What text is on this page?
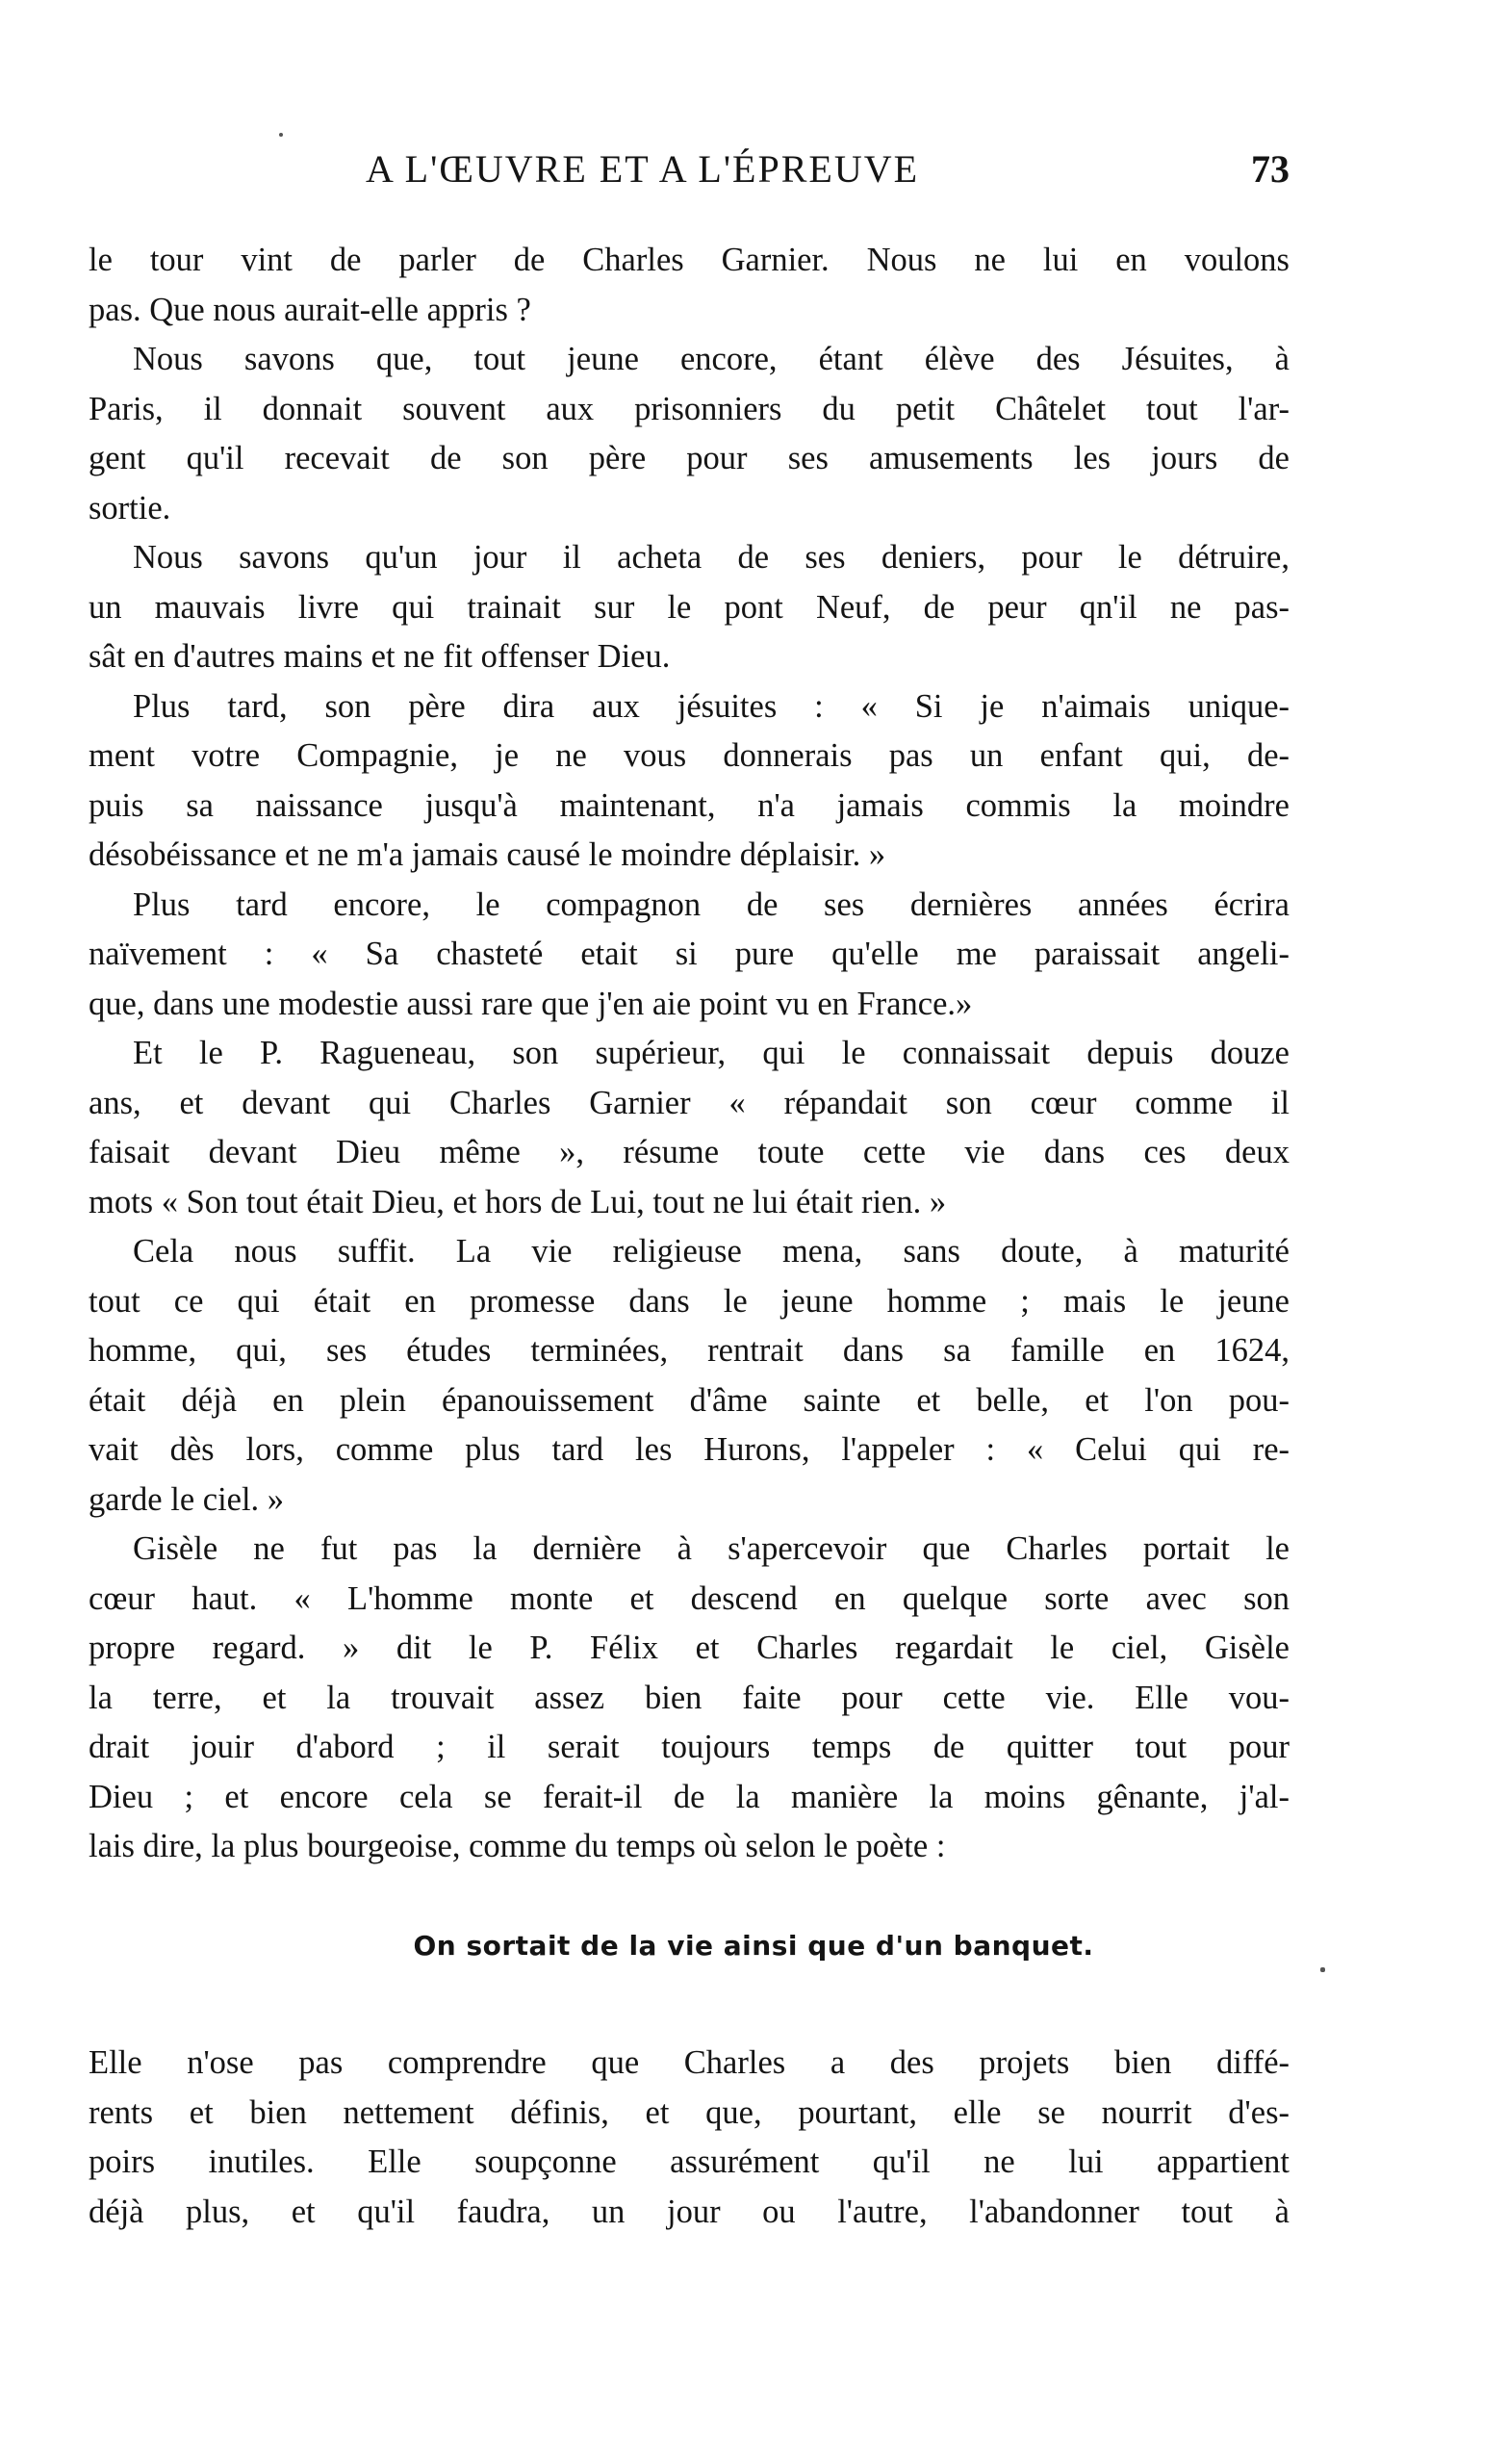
A L'ŒUVRE ET A L'ÉPREUVE	73
le tour vint de parler de Charles Garnier. Nous ne lui en voulons
pas. Que nous aurait-elle appris ?
Nous savons que, tout jeune encore, étant élève des Jésuites, à
Paris, il donnait souvent aux prisonniers du petit Châtelet tout l'ar-
gent qu'il recevait de son père pour ses amusements les jours de
sortie.
Nous savons qu'un jour il acheta de ses deniers, pour le détruire,
un mauvais livre qui trainait sur le pont Neuf, de peur qn'il ne pas-
sât en d'autres mains et ne fit offenser Dieu.
Plus tard, son père dira aux jésuites : « Si je n'aimais unique-
ment votre Compagnie, je ne vous donnerais pas un enfant qui, de-
puis sa naissance jusqu'à maintenant, n'a jamais commis la moindre
désobéissance et ne m'a jamais causé le moindre déplaisir. »
Plus tard encore, le compagnon de ses dernières années écrira
naïvement : « Sa chasteté etait si pure qu'elle me paraissait angeli-
que, dans une modestie aussi rare que j'en aie point vu en France.»
Et le P. Ragueneau, son supérieur, qui le connaissait depuis douze
ans, et devant qui Charles Garnier « répandait son cœur comme il
faisait devant Dieu même », résume toute cette vie dans ces deux
mots « Son tout était Dieu, et hors de Lui, tout ne lui était rien. »
Cela nous suffit. La vie religieuse mena, sans doute, à maturité
tout ce qui était en promesse dans le jeune homme ; mais le jeune
homme, qui, ses études terminées, rentrait dans sa famille en 1624,
était déjà en plein épanouissement d'âme sainte et belle, et l'on pou-
vait dès lors, comme plus tard les Hurons, l'appeler : « Celui qui re-
garde le ciel. »
Gisèle ne fut pas la dernière à s'apercevoir que Charles portait le
cœur haut. « L'homme monte et descend en quelque sorte avec son
propre regard. » dit le P. Félix et Charles regardait le ciel, Gisèle
la terre, et la trouvait assez bien faite pour cette vie. Elle vou-
drait jouir d'abord ; il serait toujours temps de quitter tout pour
Dieu ; et encore cela se ferait-il de la manière la moins gênante, j'al-
lais dire, la plus bourgeoise, comme du temps où selon le poète :
On sortait de la vie ainsi que d'un banquet.
Elle n'ose pas comprendre que Charles a des projets bien diffé-
rents et bien nettement définis, et que, pourtant, elle se nourrit d'es-
poirs inutiles. Elle soupçonne assurément qu'il ne lui appartient
déjà plus, et qu'il faudra, un jour ou l'autre, l'abandonner tout à
